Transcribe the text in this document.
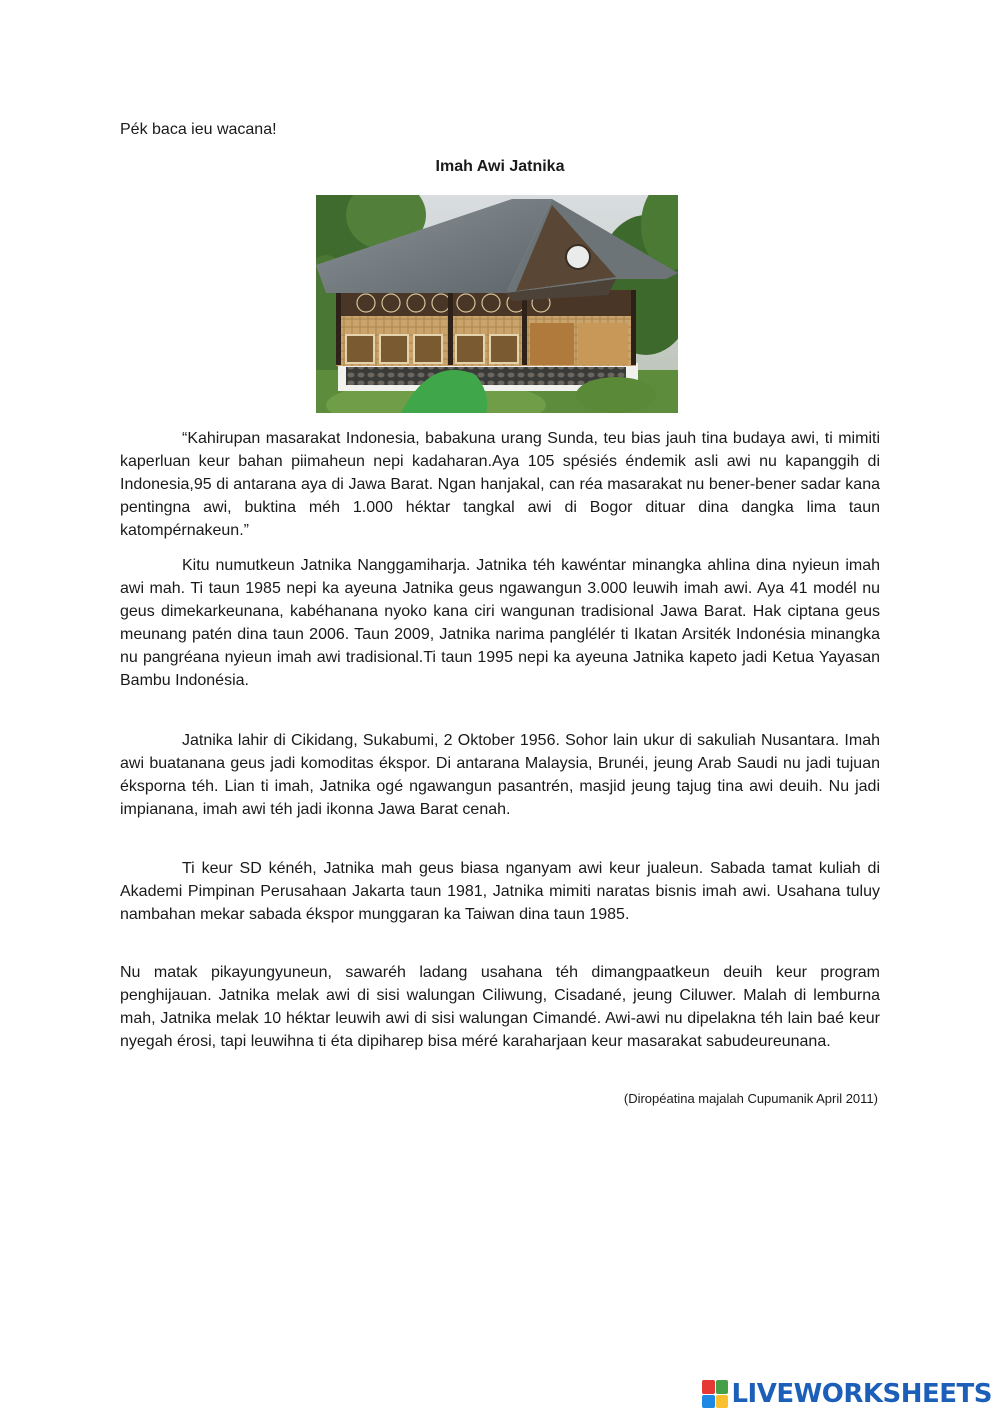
Pék baca ieu wacana!
Imah Awi Jatnika
“Kahirupan masarakat Indonesia, babakuna urang Sunda, teu bias jauh tina budaya awi, ti mimiti kaperluan keur bahan piimaheun nepi kadaharan.Aya 105 spésiés éndemik asli awi nu kapanggih di Indonesia,95 di antarana aya di Jawa Barat. Ngan hanjakal, can réa masarakat nu bener-bener sadar kana pentingna awi, buktina méh 1.000 héktar tangkal awi di Bogor dituar dina dangka lima taun katompérnakeun.”
Kitu numutkeun Jatnika Nanggamiharja. Jatnika téh kawéntar minangka ahlina dina nyieun imah awi mah. Ti taun 1985 nepi ka ayeuna Jatnika geus ngawangun 3.000 leuwih imah awi. Aya 41 modél nu geus dimekarkeunana, kabéhanana nyoko kana ciri wangunan tradisional Jawa Barat. Hak ciptana geus meunang patén dina taun 2006. Taun 2009, Jatnika narima panglélér ti Ikatan Arsiték Indonésia minangka nu pangréana nyieun imah awi tradisional.Ti taun 1995 nepi ka ayeuna Jatnika kapeto jadi Ketua Yayasan Bambu Indonésia.
Jatnika lahir di Cikidang, Sukabumi, 2 Oktober 1956. Sohor lain ukur di sakuliah Nusantara. Imah awi buatanana geus jadi komoditas ékspor. Di antarana Malaysia, Brunéi, jeung Arab Saudi nu jadi tujuan éksporna téh. Lian ti imah, Jatnika ogé ngawangun pasantrén, masjid jeung tajug tina awi deuih. Nu jadi impianana, imah awi téh jadi ikonna Jawa Barat cenah.
Ti keur SD kénéh, Jatnika mah geus biasa nganyam awi keur jualeun. Sabada tamat kuliah di Akademi Pimpinan Perusahaan Jakarta taun 1981, Jatnika mimiti naratas bisnis imah awi. Usahana tuluy nambahan mekar sabada ékspor munggaran ka Taiwan dina taun 1985.
Nu matak pikayungyuneun, sawaréh ladang usahana téh dimangpaatkeun deuih keur program penghijauan. Jatnika melak awi di sisi walungan Ciliwung, Cisadané, jeung Ciluwer. Malah di lemburna mah, Jatnika melak 10 héktar leuwih awi di sisi walungan Cimandé. Awi-awi nu dipelakna téh lain baé keur nyegah érosi, tapi leuwihna ti éta dipiharep bisa méré karaharjaan keur masarakat sabudeureunana.
(Diropéatina majalah Cupumanik April 2011)
LIVEWORKSHEETS
